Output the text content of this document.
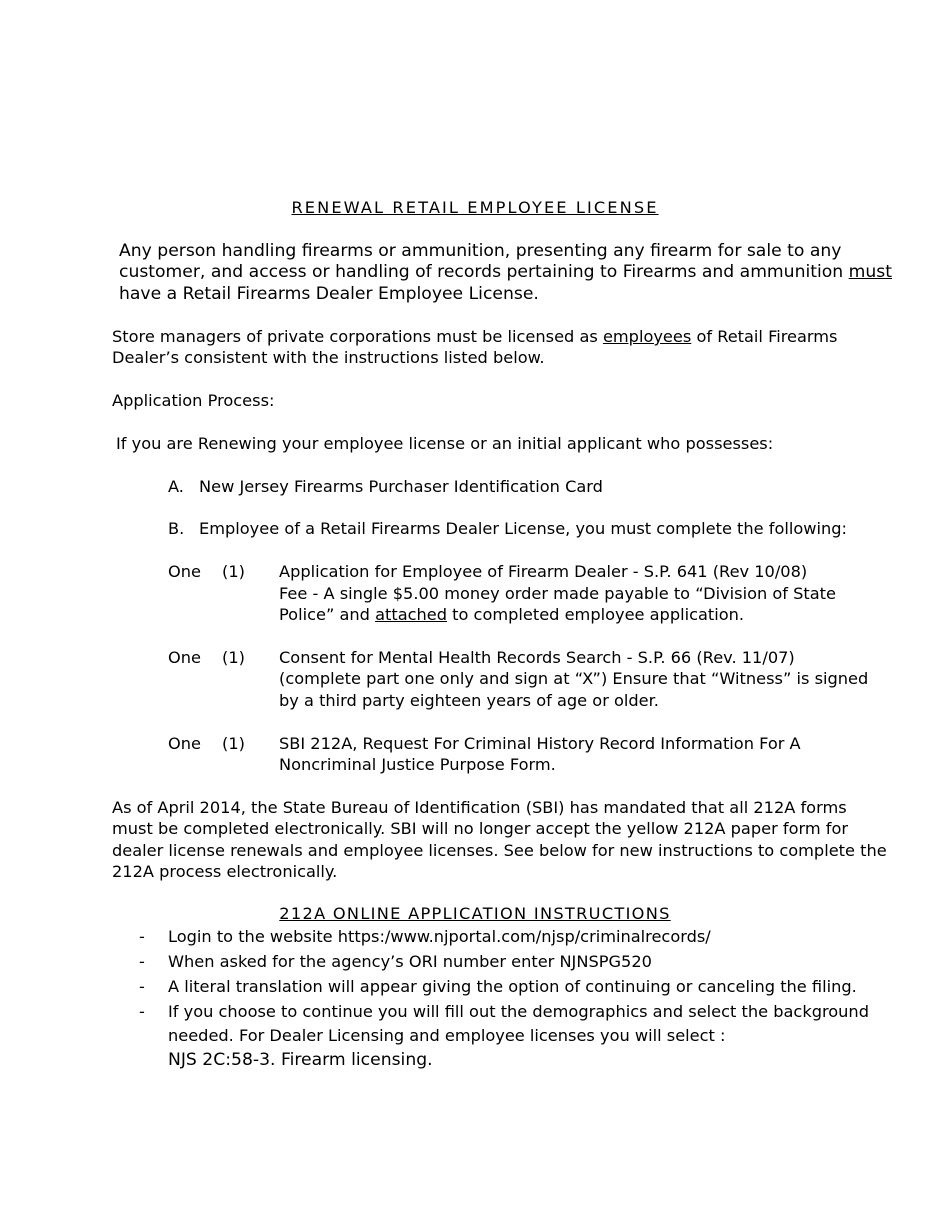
RENEWAL RETAIL EMPLOYEE LICENSE
Any person handling firearms or ammunition, presenting any firearm for sale to any
customer, and access or handling of records pertaining to Firearms and ammunition must
have a Retail Firearms Dealer Employee License.
Store managers of private corporations must be licensed as employees of Retail Firearms
Dealer’s consistent with the instructions listed below.
Application Process:
If you are Renewing your employee license or an initial applicant who possesses:
A. New Jersey Firearms Purchaser Identification Card
B. Employee of a Retail Firearms Dealer License, you must complete the following:
One (1) Application for Employee of Firearm Dealer - S.P. 641 (Rev 10/08)
Fee - A single $5.00 money order made payable to “Division of State
Police” and attached to completed employee application.
One (1) Consent for Mental Health Records Search - S.P. 66 (Rev. 11/07)
(complete part one only and sign at “X”) Ensure that “Witness” is signed
by a third party eighteen years of age or older.
One (1) SBI 212A, Request For Criminal History Record Information For A
Noncriminal Justice Purpose Form.
As of April 2014, the State Bureau of Identification (SBI) has mandated that all 212A forms
must be completed electronically. SBI will no longer accept the yellow 212A paper form for
dealer license renewals and employee licenses. See below for new instructions to complete the
212A process electronically.
212A ONLINE APPLICATION INSTRUCTIONS
- Login to the website https:/www.njportal.com/njsp/criminalrecords/
- When asked for the agency’s ORI number enter NJNSPG520
- A literal translation will appear giving the option of continuing or canceling the filing.
- If you choose to continue you will fill out the demographics and select the background
needed. For Dealer Licensing and employee licenses you will select :
NJS 2C:58-3. Firearm licensing.
